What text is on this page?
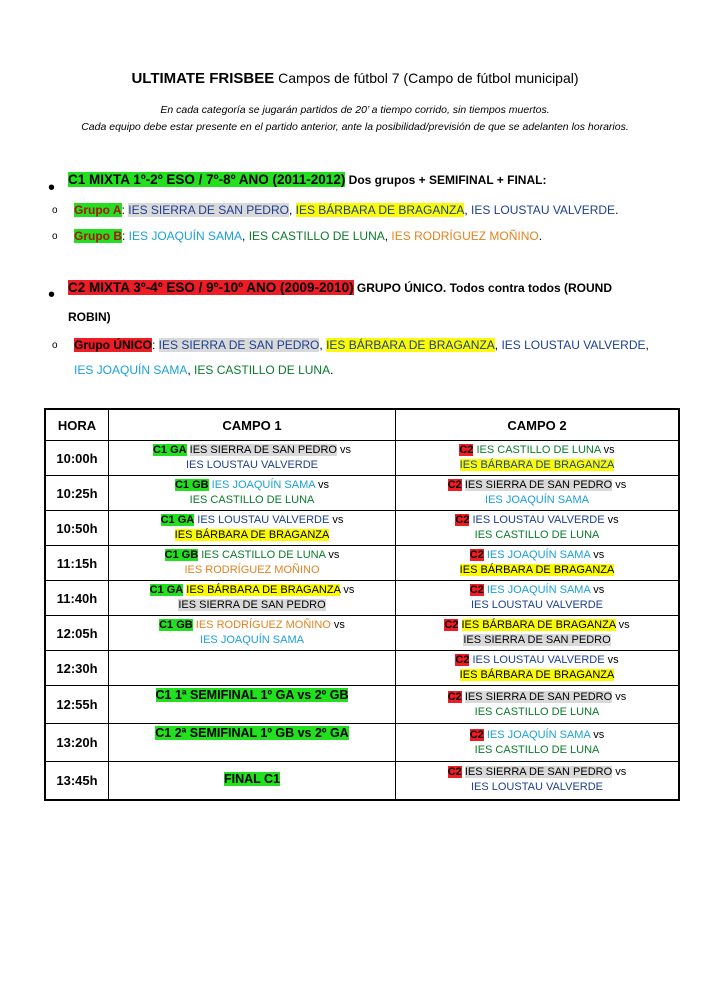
ULTIMATE FRISBEE Campos de fútbol 7 (Campo de fútbol municipal)
En cada categoría se jugarán partidos de 20’ a tiempo corrido, sin tiempos muertos.
Cada equipo debe estar presente en el partido anterior, ante la posibilidad/previsión de que se adelanten los horarios.
• C1 MIXTA 1º-2º ESO / 7º-8º ANO (2011-2012) Dos grupos + SEMIFINAL + FINAL:
o Grupo A: IES SIERRA DE SAN PEDRO, IES BÁRBARA DE BRAGANZA, IES LOUSTAU VALVERDE.
o Grupo B: IES JOAQUÍN SAMA, IES CASTILLO DE LUNA, IES RODRÍGUEZ MOÑINO.
• C2 MIXTA 3º-4º ESO / 9º-10º ANO (2009-2010) GRUPO ÚNICO. Todos contra todos (ROUND
ROBIN)
o Grupo ÚNICO: IES SIERRA DE SAN PEDRO, IES BÁRBARA DE BRAGANZA, IES LOUSTAU VALVERDE,
IES JOAQUÍN SAMA, IES CASTILLO DE LUNA.
HORA	CAMPO 1	CAMPO 2
10:00h	C1 GA IES SIERRA DE SAN PEDRO vs
IES LOUSTAU VALVERDE	C2 IES CASTILLO DE LUNA vs
IES BÁRBARA DE BRAGANZA
10:25h	C1 GB IES JOAQUÍN SAMA vs
IES CASTILLO DE LUNA	C2 IES SIERRA DE SAN PEDRO vs
IES JOAQUÍN SAMA
10:50h	C1 GA IES LOUSTAU VALVERDE vs
IES BÁRBARA DE BRAGANZA	C2 IES LOUSTAU VALVERDE vs
IES CASTILLO DE LUNA
11:15h	C1 GB IES CASTILLO DE LUNA vs
IES RODRÍGUEZ MOÑINO	C2 IES JOAQUÍN SAMA vs
IES BÁRBARA DE BRAGANZA
11:40h	C1 GA IES BÁRBARA DE BRAGANZA vs
IES SIERRA DE SAN PEDRO	C2 IES JOAQUÍN SAMA vs
IES LOUSTAU VALVERDE
12:05h	C1 GB IES RODRÍGUEZ MOÑINO vs
IES JOAQUÍN SAMA	C2 IES BÁRBARA DE BRAGANZA vs
IES SIERRA DE SAN PEDRO
12:30h		C2 IES LOUSTAU VALVERDE vs
IES BÁRBARA DE BRAGANZA
12:55h	C1 1ª SEMIFINAL 1º GA vs 2º GB	C2 IES SIERRA DE SAN PEDRO vs
IES CASTILLO DE LUNA
13:20h	C1 2ª SEMIFINAL 1º GB vs 2º GA	C2 IES JOAQUÍN SAMA vs
IES CASTILLO DE LUNA
13:45h	FINAL C1	C2 IES SIERRA DE SAN PEDRO vs
IES LOUSTAU VALVERDE
